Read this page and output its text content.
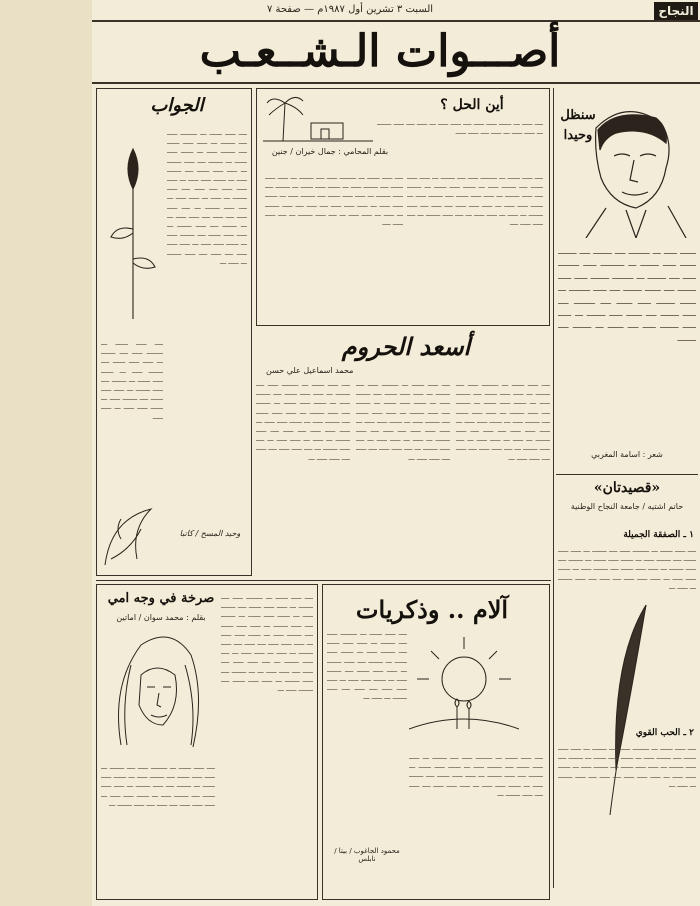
السبت ٣ تشرين أول ١٩٨٧م — صفحة ٧	النجاح
أصـــوات الـشــعـب
سنظل وحيدا
ــــــ ـــــ ـــ ــــــــ ــــ ـــــــ ــــ ـــــــ ــــــ ـــــ ـــــــ ـــ ـــــــــ ـــــ ــــــــ ـــــ ــــ ـــــــ ـــ ــــــــ ـــــــ ـــــ ـــــ ـــــــ ــــ ــــــ ـــــــ ــــ ـــــ ــــــــ ـــ ــــــ ـــــــ ـــــ ــــــ ــــ ــــــــ ــــ ـــــ ـــــــ ــــ ــــــ ـــــ ـــــــ ـــ ـــــ ـــــ ـــــــ ـــــ ــــ ــــــ ـــ ـــــــ ــــ ـــــــ
شعر : اسامة المغربي
«قصيدتان»
حاتم اشتيه / جامعة النجاح الوطنية
١ ـ الصفقة الجميلة
ــــ ـــــ ــــــ ـــ ــــــــ ـــــ ــــ ـــــــ ـــ ـــــ ـــــ ــــــ ــــ ـــــــ ـــــ ـــ ــــــ ـــــ ــــــ ـــ ـــــــ ــــ ـــــ ـــــــ ـــ ـــــ ـــــ ــــــ ــــ ـــــــ ـــــ ـــ ــــــ ـــــ ـــــ ـــ ـــــ ـــــ ـــــ ــــ ـــــ ــــ ـــــ ـــــــ ـــ ـــــ ـــ
٢ ـ الحب القوي
ــــ ـــــ ــــــ ـــ ــــــــ ـــــ ــــ ـــــــ ـــ ـــــ ـــــ ــــــ ــــ ـــــــ ـــــ ـــ ــــــ ـــــ ــــــ ـــ ـــــــ ــــ ـــــ ـــــــ ـــ ـــــ ـــــ ــــــ ــــ ـــــــ ـــــ ـــ ــــــ ـــــ ـــــ ـــ ـــــ ـــــ ـــــ ــــ ـــــ ــــ ـــــ ـــــــ ـــ ـــــ ـــ
أين الحل ؟
ــــ ـــــ ـــ ــــــ ـــــ ـــــ ــــ ـــــ ـــــ ـــ ـــــ ــــ ـــــ ـــــــ ـــ ـــــ ـــــ ـــ ـــــ ــــ ـــــ ـــــ
بقلم المحامي : جمال خيران / جنين
ــــ ـــــ ــــــ ـــ ــــــــ ـــــ ــــ ـــــــ ـــ ـــــ ـــــ ــــــ ــــ ـــــــ ـــــ ـــ ــــــ ـــــ ــــــ ـــ ـــــــ ــــ ـــــ ـــــــ ـــ ـــــ ـــــ ــــــ ــــ ـــــــ ـــــ ـــ ــــــ ـــــ ـــــ ـــ ـــــ ـــــ ـــــ ــــ ـــــ ــــ ـــــ ـــــــ ـــ ـــــ ـــ ـــــ ـــــ ـــ ــــ ـــــ ـــــــ ـــ ــــ ـــــ ـــــ ــــ
ــــ ـــــ ــــــ ـــ ــــــــ ـــــ ــــ ـــــــ ـــ ـــــ ـــــ ــــــ ــــ ـــــــ ـــــ ـــ ــــــ ـــــ ــــــ ـــ ـــــــ ــــ ـــــ ـــــــ ـــ ـــــ ـــــ ــــــ ــــ ـــــــ ـــــ ـــ ــــــ ـــــ ـــــ ـــ ـــــ ـــــ ـــــ ــــ ـــــ ــــ ـــــ ـــــــ ـــ ـــــ ـــ ـــــ ـــــ ـــ ــــ ـــــ ـــــــ ـــ ــــ ـــــ ـــــ ــــ
أسعد الحروم
محمد اسماعيل علي حسن
ــــ ـــــ ــــــ ـــ ــــــــ ـــــ ــــ ـــــــ ـــ ـــــ ـــــ ــــــ ــــ ـــــــ ـــــ ـــ ــــــ ـــــ ــــــ ـــ ـــــــ ــــ ـــــ ـــــــ ـــ ـــــ ـــــ ــــــ ــــ ـــــــ ـــــ ـــ ــــــ ـــــ ـــــ ـــ ـــــ ـــــ ـــــ ــــ ـــــ ــــ ـــــ ـــــــ ـــ ـــــ ـــ ـــــ ـــــ ـــ ــــ ـــــ ـــــــ ـــ ــــ ـــــ ـــــ ــــ ـــــ ــــ ـــــ ـــــ ـــ
ــــ ـــــ ــــــ ـــ ــــــــ ـــــ ــــ ـــــــ ـــ ـــــ ـــــ ــــــ ــــ ـــــــ ـــــ ـــ ــــــ ـــــ ــــــ ـــ ـــــــ ــــ ـــــ ـــــــ ـــ ـــــ ـــــ ــــــ ــــ ـــــــ ـــــ ـــ ــــــ ـــــ ـــــ ـــ ـــــ ـــــ ـــــ ــــ ـــــ ــــ ـــــ ـــــــ ـــ ـــــ ـــ ـــــ ـــــ ـــ ــــ ـــــ ـــــــ ـــ ــــ ـــــ ـــــ ــــ ـــــ ــــ ـــــ ـــــ ـــ
ــــ ـــــ ــــــ ـــ ــــــــ ـــــ ــــ ـــــــ ـــ ـــــ ـــــ ــــــ ــــ ـــــــ ـــــ ـــ ــــــ ـــــ ــــــ ـــ ـــــــ ــــ ـــــ ـــــــ ـــ ـــــ ـــــ ــــــ ــــ ـــــــ ـــــ ـــ ــــــ ـــــ ـــــ ـــ ـــــ ـــــ ـــــ ــــ ـــــ ــــ ـــــ ـــــــ ـــ ـــــ ـــ ـــــ ـــــ ـــ ــــ ـــــ ـــــــ ـــ ــــ ـــــ ـــــ ــــ ـــــ ــــ ـــــ ـــــ ـــ
آلام .. وذكريات
ــــ ـــــ ــــــ ـــ ــــــــ ـــــ ــــ ـــــــ ـــ ـــــ ـــــ ــــــ ــــ ـــــــ ـــــ ـــ ــــــ ـــــ ــــــ ـــ ـــــــ ــــ ـــــ ـــــــ ـــ ـــــ ـــــ ــــــ ــــ ـــــــ ـــــ ـــ ــــــ ـــــ ـــــ ـــ ـــــ ـــــ ـــــ ــــ ـــــ ــــ ـــــ ـــــــ ـــ ـــــ ـــ
ــــ ـــــ ــــــ ـــ ــــــــ ـــــ ــــ ـــــــ ـــ ـــــ ـــــ ــــــ ــــ ـــــــ ـــــ ـــ ــــــ ـــــ ــــــ ـــ ـــــــ ــــ ـــــ ـــــــ ـــ ـــــ ـــــ ــــــ ــــ ـــــــ ـــــ ـــ ــــــ ـــــ ـــــ ـــ ـــــ ـــــ ـــــ ــــ ـــــ ــــ ـــــ ـــــــ ـــ
محمود الجاغوب / بيتا / نابلس
الجواب
ــــ ـــــ ــــــ ـــ ــــــــ ـــــ ــــ ـــــــ ـــ ـــــ ـــــ ــــــ ــــ ـــــــ ـــــ ـــ ــــــ ـــــ ــــــ ـــ ـــــــ ــــ ـــــ ـــــــ ـــ ـــــ ـــــ ــــــ ــــ ـــــــ ـــــ ـــ ــــــ ـــــ ـــــ ـــ ـــــ ـــــ ـــــ ــــ ـــــ ــــ ـــــ ـــــــ ـــ ـــــ ـــ ـــــ ـــــ ـــ ــــ ـــــ ـــــــ ـــ ــــ ـــــ ـــــ ــــ ـــــ ــــ ـــــ ـــــ ـــ ـــ ـــــــ ــــ ـــــ ـــــــ ـــ ـــــ ـــــ ــــــ ــــ ـــــــ ـــــ ـــ ــــــ ـــــ ـــــ ـــ ـــــ ـــــ ـــــ ــــ ـــــ ــــ ـــــ ـــــــ ـــ ـــــ ـــ
ــــ ـــــ ــــــ ـــ ــــــــ ـــــ ــــ ـــــــ ـــ ـــــ ـــــ ــــــ ــــ ـــــــ ـــــ ـــ ــــــ ـــــ ــــــ ـــ ـــــــ ــــ ـــــ ـــــــ ـــ ـــــ ـــــ ــــــ ــــ ـــــــ ـــــ ـــ ــــــ ـــــ ـــــ ـــ ـــــ ـــــ
وحيد المسح / كاتبا
صرخة في وجه امي
بقلم : محمد سوان / اماتين
ــــ ـــــ ــــــ ـــ ــــــــ ـــــ ــــ ـــــــ ـــ ـــــ ـــــ ــــــ ــــ ـــــــ ـــــ ـــ ــــــ ـــــ ــــــ ـــ ـــــــ ــــ ـــــ ـــــــ ـــ ـــــ ـــــ ــــــ ــــ ـــــــ ـــــ ـــ ــــــ ـــــ ـــــ ـــ ـــــ ـــــ ـــــ ــــ ـــــ ــــ ـــــ ـــــــ ـــ ـــــ ـــ ـــــ ـــــ ـــ ــــ ـــــ ـــــــ ـــ ــــ ـــــ ـــــ ــــ ـــــ ــــ ـــــ ـــــ ـــ ـــ ـــــــ ــــ ـــــ ـــــــ ـــ ـــــ ـــــ ــــــ ــــ ـــــــ ـــــ ـــ
ــــ ـــــ ــــــ ـــ ــــــــ ـــــ ــــ ـــــــ ـــ ـــــ ـــــ ــــــ ــــ ـــــــ ـــــ ـــ ــــــ ـــــ ــــــ ـــ ـــــــ ــــ ـــــ ـــــــ ـــ ـــــ ـــــ ــــــ ــــ ـــــــ ـــــ ـــ ــــــ ـــــ ـــــ ـــ ـــــ ـــــ ـــــ ــــ ـــــ ــــ ـــــ ـــــــ ـــ
